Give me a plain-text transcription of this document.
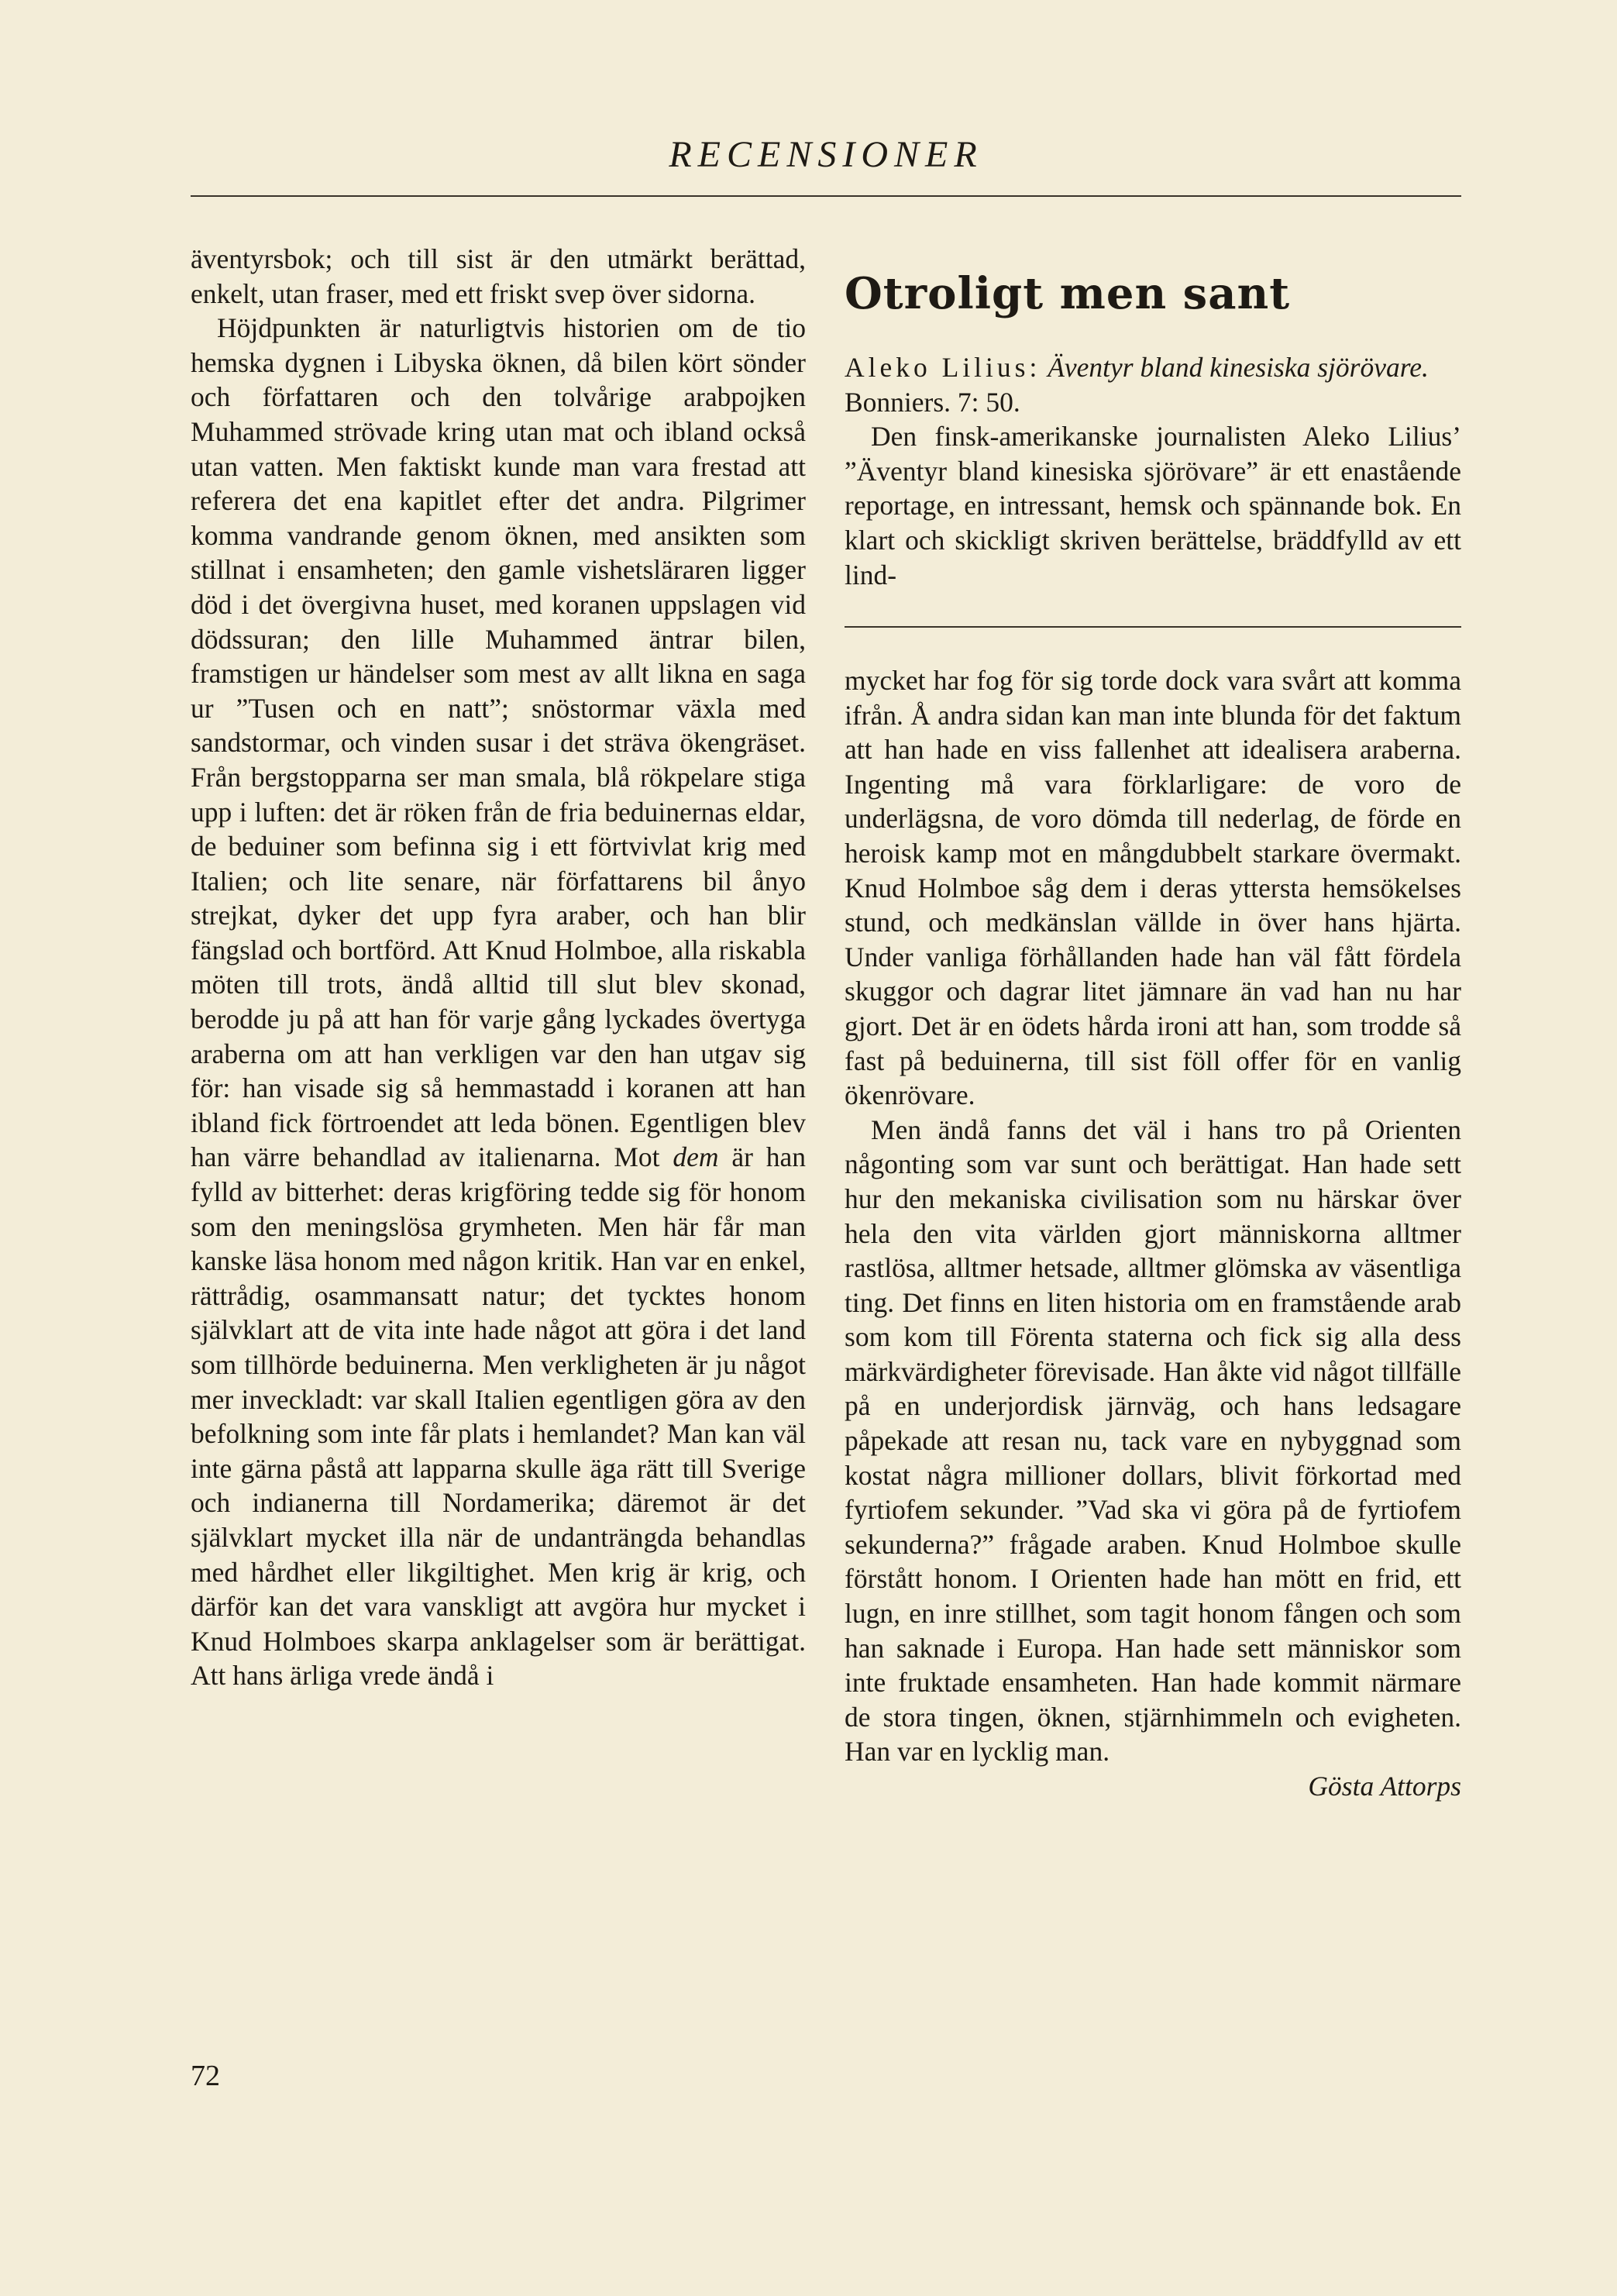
RECENSIONER

äventyrsbok; och till sist är den utmärkt berättad, enkelt, utan fraser, med ett friskt svep över sidorna.

Höjdpunkten är naturligtvis historien om de tio hemska dygnen i Libyska öknen, då bilen kört sönder och författaren och den tolvårige arabpojken Muhammed strövade kring utan mat och ibland också utan vatten. Men faktiskt kunde man vara frestad att referera det ena kapitlet efter det andra. Pilgrimer komma vandrande genom öknen, med ansikten som stillnat i ensamheten; den gamle vishetsläraren ligger död i det övergivna huset, med koranen uppslagen vid dödssuran; den lille Muhammed äntrar bilen, framstigen ur händelser som mest av allt likna en saga ur ”Tusen och en natt”; snöstormar växla med sandstormar, och vinden susar i det sträva ökengräset. Från bergstopparna ser man smala, blå rökpelare stiga upp i luften: det är röken från de fria beduinernas eldar, de beduiner som befinna sig i ett förtvivlat krig med Italien; och lite senare, när författarens bil ånyo strejkat, dyker det upp fyra araber, och han blir fängslad och bortförd. Att Knud Holmboe, alla riskabla möten till trots, ändå alltid till slut blev skonad, berodde ju på att han för varje gång lyckades övertyga araberna om att han verkligen var den han utgav sig för: han visade sig så hemmastadd i koranen att han ibland fick förtroendet att leda bönen. Egentligen blev han värre behandlad av italienarna. Mot dem är han fylld av bitterhet: deras krigföring tedde sig för honom som den meningslösa grymheten. Men här får man kanske läsa honom med någon kritik. Han var en enkel, rättrådig, osammansatt natur; det tycktes honom självklart att de vita inte hade något att göra i det land som tillhörde beduinerna. Men verkligheten är ju något mer inveckladt: var skall Italien egentligen göra av den befolkning som inte får plats i hemlandet? Man kan väl inte gärna påstå att lapparna skulle äga rätt till Sverige och indianerna till Nordamerika; däremot är det självklart mycket illa när de undanträngda behandlas med hårdhet eller likgiltighet. Men krig är krig, och därför kan det vara vanskligt att avgöra hur mycket i Knud Holmboes skarpa anklagelser som är berättigat. Att hans ärliga vrede ändå i

Otroligt men sant

Aleko Lilius: Äventyr bland kinesiska sjörövare. Bonniers. 7: 50.

Den finsk-amerikanske journalisten Aleko Lilius’ ”Äventyr bland kinesiska sjörövare” är ett enastående reportage, en intressant, hemsk och spännande bok. En klart och skickligt skriven berättelse, bräddfylld av ett lind-

mycket har fog för sig torde dock vara svårt att komma ifrån. Å andra sidan kan man inte blunda för det faktum att han hade en viss fallenhet att idealisera araberna. Ingenting må vara förklarligare: de voro de underlägsna, de voro dömda till nederlag, de förde en heroisk kamp mot en mångdubbelt starkare övermakt. Knud Holmboe såg dem i deras yttersta hemsökelses stund, och medkänslan vällde in över hans hjärta. Under vanliga förhållanden hade han väl fått fördela skuggor och dagrar litet jämnare än vad han nu har gjort. Det är en ödets hårda ironi att han, som trodde så fast på beduinerna, till sist föll offer för en vanlig ökenrövare.

Men ändå fanns det väl i hans tro på Orienten någonting som var sunt och berättigat. Han hade sett hur den mekaniska civilisation som nu härskar över hela den vita världen gjort människorna alltmer rastlösa, alltmer hetsade, alltmer glömska av väsentliga ting. Det finns en liten historia om en framstående arab som kom till Förenta staterna och fick sig alla dess märkvärdigheter förevisade. Han åkte vid något tillfälle på en underjordisk järnväg, och hans ledsagare påpekade att resan nu, tack vare en nybyggnad som kostat några millioner dollars, blivit förkortad med fyrtiofem sekunder. ”Vad ska vi göra på de fyrtiofem sekunderna?” frågade araben. Knud Holmboe skulle förstått honom. I Orienten hade han mött en frid, ett lugn, en inre stillhet, som tagit honom fången och som han saknade i Europa. Han hade sett människor som inte fruktade ensamheten. Han hade kommit närmare de stora tingen, öknen, stjärnhimmeln och evigheten. Han var en lycklig man.

Gösta Attorps

72
